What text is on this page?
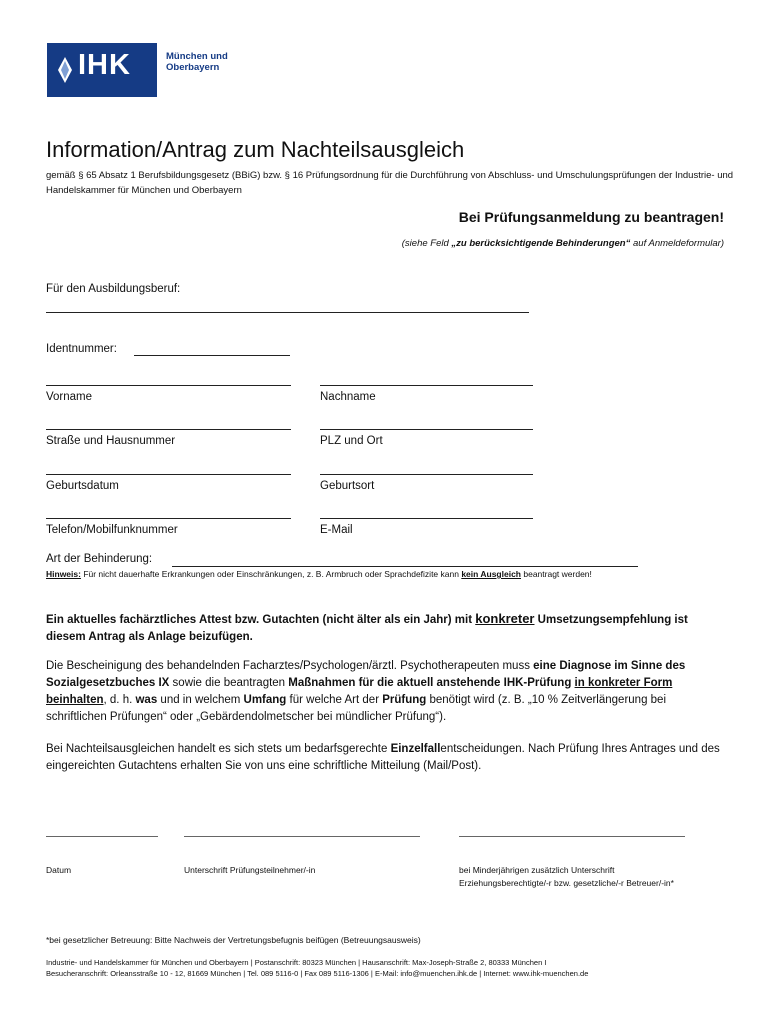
IHK	München und
Oberbayern
Information/Antrag zum Nachteilsausgleich
gemäß § 65 Absatz 1 Berufsbildungsgesetz (BBiG) bzw. § 16 Prüfungsordnung für die Durchführung von Abschluss- und Umschulungsprüfungen der Industrie- und Handelskammer für München und Oberbayern
Bei Prüfungsanmeldung zu beantragen!
(siehe Feld „zu berücksichtigende Behinderungen“ auf Anmeldeformular)
Für den Ausbildungsberuf:
Identnummer:
Vorname	Nachname
Straße und Hausnummer	PLZ und Ort
Geburtsdatum	Geburtsort
Telefon/Mobilfunknummer	E-Mail
Art der Behinderung:
Hinweis: Für nicht dauerhafte Erkrankungen oder Einschränkungen, z. B. Armbruch oder Sprachdefizite kann kein Ausgleich beantragt werden!
Ein aktuelles fachärztliches Attest bzw. Gutachten (nicht älter als ein Jahr) mit konkreter Umsetzungsempfehlung ist diesem Antrag als Anlage beizufügen.
Die Bescheinigung des behandelnden Facharztes/Psychologen/ärztl. Psychotherapeuten muss eine Diagnose im Sinne des Sozialgesetzbuches IX sowie die beantragten Maßnahmen für die aktuell anstehende IHK-Prüfung in konkreter Form beinhalten, d. h. was und in welchem Umfang für welche Art der Prüfung benötigt wird (z. B. „10 % Zeitverlängerung bei schriftlichen Prüfungen“ oder „Gebärdendolmetscher bei mündlicher Prüfung“).
Bei Nachteilsausgleichen handelt es sich stets um bedarfsgerechte Einzelfallentscheidungen. Nach Prüfung Ihres Antrages und des eingereichten Gutachtens erhalten Sie von uns eine schriftliche Mitteilung (Mail/Post).
Datum	Unterschrift Prüfungsteilnehmer/-in	bei Minderjährigen zusätzlich Unterschrift
Erziehungsberechtigte/-r bzw. gesetzliche/-r Betreuer/-in*
*bei gesetzlicher Betreuung: Bitte Nachweis der Vertretungsbefugnis beifügen (Betreuungsausweis)
Industrie- und Handelskammer für München und Oberbayern | Postanschrift: 80323 München | Hausanschrift: Max-Joseph-Straße 2, 80333 München I
Besucheranschrift: Orleansstraße 10 - 12, 81669 München | Tel. 089 5116-0 | Fax 089 5116-1306 | E-Mail: info@muenchen.ihk.de | Internet: www.ihk-muenchen.de
